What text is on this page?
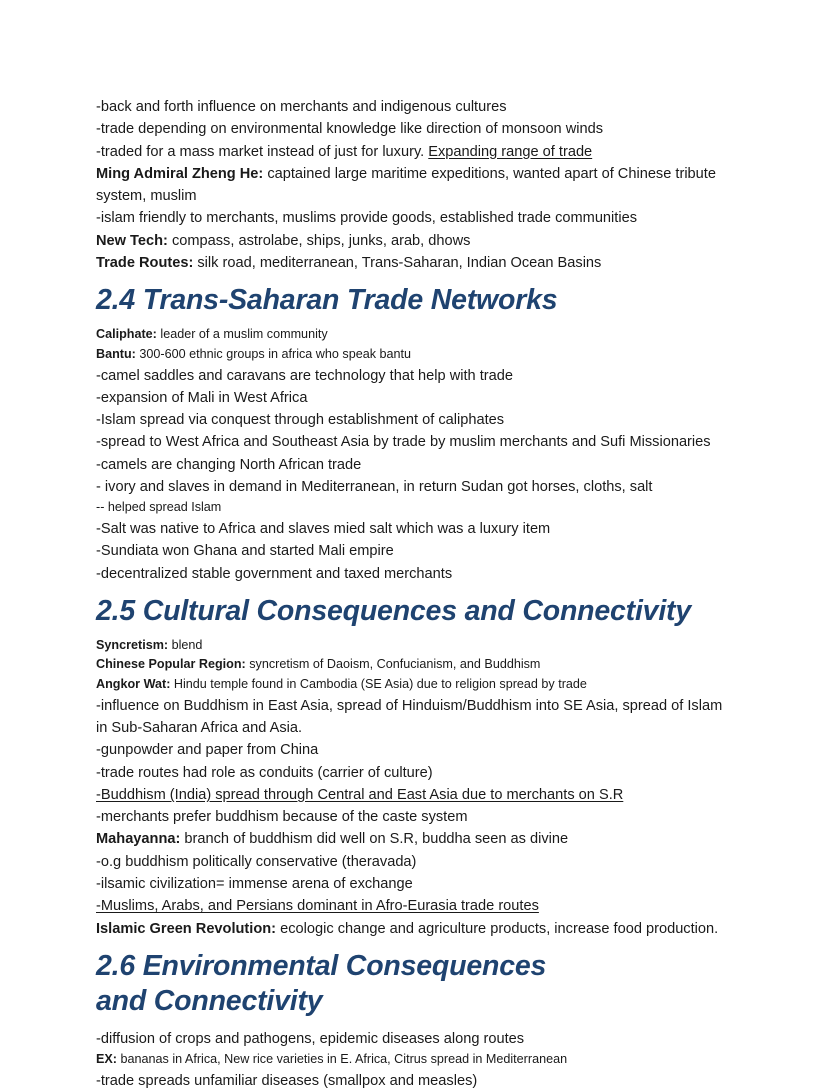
-back and forth influence on merchants and indigenous cultures
-trade depending on environmental knowledge like direction of monsoon winds
-traded for a mass market instead of just for luxury. Expanding range of trade
Ming Admiral Zheng He: captained large maritime expeditions, wanted apart of Chinese tribute system, muslim
-islam friendly to merchants, muslims provide goods, established trade communities
New Tech: compass, astrolabe, ships, junks, arab, dhows
Trade Routes: silk road, mediterranean, Trans-Saharan, Indian Ocean Basins
2.4 Trans-Saharan Trade Networks
Caliphate: leader of a muslim community
Bantu: 300-600 ethnic groups in africa who speak bantu
-camel saddles and caravans are technology that help with trade
-expansion of Mali in West Africa
-Islam spread via conquest through establishment of caliphates
-spread to West Africa and Southeast Asia by trade by muslim merchants and Sufi Missionaries
-camels are changing North African trade
- ivory and slaves in demand in Mediterranean, in return Sudan got horses, cloths, salt
-- helped spread Islam
-Salt was native to Africa and slaves mied salt which was a luxury item
-Sundiata won Ghana and started Mali empire
-decentralized stable government and taxed merchants
2.5 Cultural Consequences and Connectivity
Syncretism: blend
Chinese Popular Region: syncretism of Daoism, Confucianism, and Buddhism
Angkor Wat: Hindu temple found in Cambodia (SE Asia) due to religion spread by trade
-influence on Buddhism in East Asia, spread of Hinduism/Buddhism into SE Asia, spread of Islam in Sub-Saharan Africa and Asia.
-gunpowder and paper from China
-trade routes had role as conduits (carrier of culture)
-Buddhism (India) spread through Central and East Asia due to merchants on S.R
-merchants prefer buddhism because of the caste system
Mahayanna: branch of buddhism did well on S.R, buddha seen as divine
-o.g buddhism politically conservative (theravada)
-ilsamic civilization= immense arena of exchange
-Muslims, Arabs, and Persians dominant in Afro-Eurasia trade routes
Islamic Green Revolution: ecologic change and agriculture products, increase food production.
2.6 Environmental Consequences and Connectivity
-diffusion of crops and pathogens, epidemic diseases along routes
EX: bananas in Africa, New rice varieties in E. Africa, Citrus spread in Mediterranean
-trade spreads unfamiliar diseases (smallpox and measles)
